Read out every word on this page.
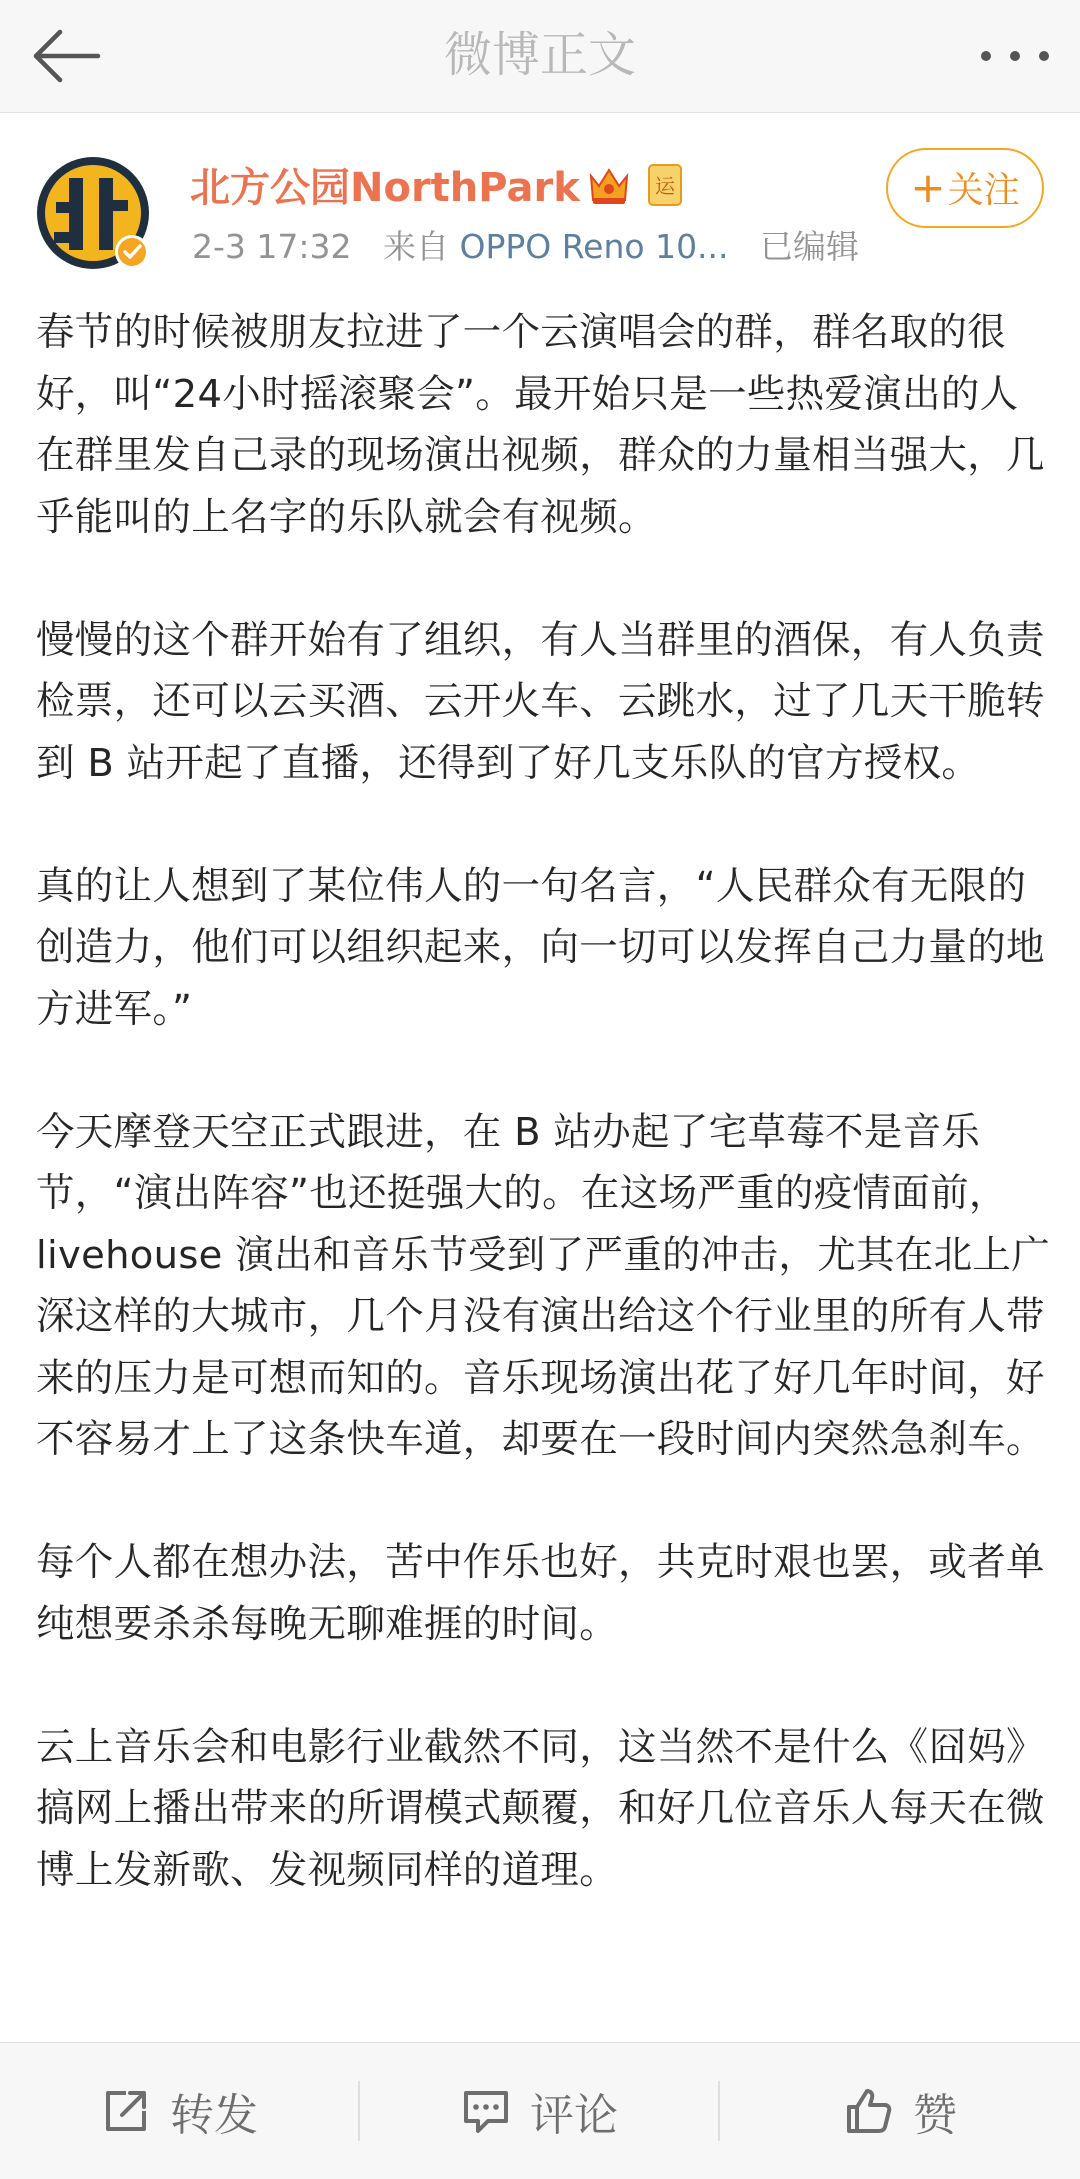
微博正文
北方公园NorthPark	运
2-3 17:32 来自 OPPO Reno 10... 已编辑
+关注

春节的时候被朋友拉进了一个云演唱会的群，群名取的很好，叫“24小时摇滚聚会”。最开始只是一些热爱演出的人在群里发自己录的现场演出视频，群众的力量相当强大，几乎能叫的上名字的乐队就会有视频。

慢慢的这个群开始有了组织，有人当群里的酒保，有人负责检票，还可以云买酒、云开火车、云跳水，过了几天干脆转到 B 站开起了直播，还得到了好几支乐队的官方授权。

真的让人想到了某位伟人的一句名言，“人民群众有无限的创造力，他们可以组织起来，向一切可以发挥自己力量的地方进军。”

今天摩登天空正式跟进，在 B 站办起了宅草莓不是音乐节，“演出阵容”也还挺强大的。在这场严重的疫情面前，livehouse 演出和音乐节受到了严重的冲击，尤其在北上广深这样的大城市，几个月没有演出给这个行业里的所有人带来的压力是可想而知的。音乐现场演出花了好几年时间，好不容易才上了这条快车道，却要在一段时间内突然急刹车。

每个人都在想办法，苦中作乐也好，共克时艰也罢，或者单纯想要杀杀每晚无聊难捱的时间。

云上音乐会和电影行业截然不同，这当然不是什么《囧妈》搞网上播出带来的所谓模式颠覆，和好几位音乐人每天在微博上发新歌、发视频同样的道理。

转发	评论	赞
